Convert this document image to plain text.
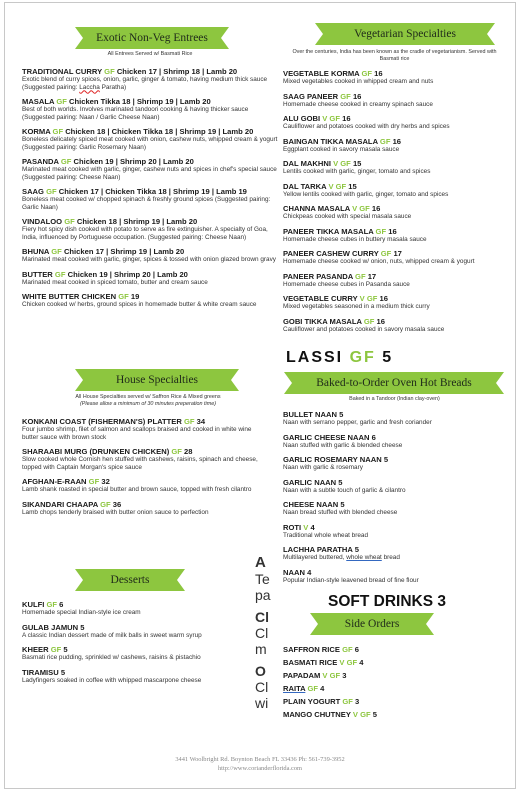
Exotic Non-Veg Entrees
All Entrees Served w/ Basmati Rice
TRADITIONAL CURRY GF Chicken 17 | Shrimp 18 | Lamb 20
Exotic blend of curry spices, onion, garlic, ginger & tomato, having medium thick sauce (Suggested pairing: Laccha Paratha)
MASALA GF Chicken Tikka 18 | Shrimp 19 | Lamb 20
Best of both worlds. Involves marinated tandoori cooking & having thicker sauce (Suggested pairing: Naan / Garlic Cheese Naan)
KORMA GF Chicken 18 | Chicken Tikka 18 | Shrimp 19 | Lamb 20
Boneless delicately spiced meat cooked with onion, cashew nuts, whipped cream & yogurt (Suggested pairing: Garlic Rosemary Naan)
PASANDA GF Chicken 19 | Shrimp 20 | Lamb 20
Marinated meat cooked with garlic, ginger, cashew nuts and spices in chef's special sauce (Suggested pairing: Cheese Naan)
SAAG GF Chicken 17 | Chicken Tikka 18 | Shrimp 19 | Lamb 19
Boneless meat cooked w/ chopped spinach & freshly ground spices (Suggested pairing: Garlic Naan)
VINDALOO GF Chicken 18 | Shrimp 19 | Lamb 20
Fiery hot spicy dish cooked with potato to serve as fire extinguisher. A specialty of Goa, India, influenced by Portuguese occupation. (Suggested pairing: Cheese Naan)
BHUNA GF Chicken 17 | Shrimp 19 | Lamb 20
Marinated meat cooked with garlic, ginger, spices & tossed with onion glazed brown gravy
BUTTER GF Chicken 19 | Shrimp 20 | Lamb 20
Marinated meat cooked in spiced tomato, butter and cream sauce
WHITE BUTTER CHICKEN GF 19
Chicken cooked w/ herbs, ground spices in homemade butter & white cream sauce
Vegetarian Specialties
Over the centuries, India has been known as the cradle of vegetarianism. Served with Basmati rice
VEGETABLE KORMA GF 16
Mixed vegetables cooked in whipped cream and nuts
SAAG PANEER GF 16
Homemade cheese cooked in creamy spinach sauce
ALU GOBI V GF 16
Cauliflower and potatoes cooked with dry herbs and spices
BAINGAN TIKKA MASALA GF 16
Eggplant cooked in savory masala sauce
DAL MAKHNI V GF 15
Lentils cooked with garlic, ginger, tomato and spices
DAL TARKA V GF 15
Yellow lentils cooked with garlic, ginger, tomato and spices
CHANNA MASALA V GF 16
Chickpeas cooked with special masala sauce
PANEER TIKKA MASALA GF 16
Homemade cheese cubes in buttery masala sauce
PANEER CASHEW CURRY GF 17
Homemade cheese cooked w/ onion, nuts, whipped cream & yogurt
PANEER PASANDA GF 17
Homemade cheese cubes in Pasanda sauce
VEGETABLE CURRY V GF 16
Mixed vegetables seasoned in a medium thick curry
GOBI TIKKA MASALA GF 16
Cauliflower and potatoes cooked in savory masala sauce
LASSI GF 5
House Specialties
All House Specialties served w/ Saffron Rice & Mixed greens
(Please allow a minimum of 30 minutes preperation time)
KONKANI COAST (FISHERMAN'S) PLATTER GF 34
Four jumbo shrimp, filet of salmon and scallops braised and cooked in white wine butter sauce with brown stock
SHARAABI MURG (DRUNKEN CHICKEN) GF 28
Slow cooked whole Cornish hen stuffed with cashews, raisins, spinach and cheese, topped with Captain Morgan's spice sauce
AFGHAN-E-RAAN GF 32
Lamb shank roasted in special butter and brown sauce, topped with fresh cilantro
SIKANDARI CHAAPA GF 36
Lamb chops tenderly braised with butter onion sauce to perfection
Baked-to-Order Oven Hot Breads
Baked in a Tandoor (Indian clay-oven)
BULLET NAAN 5
Naan with serrano pepper, garlic and fresh coriander
GARLIC CHEESE NAAN 6
Naan stuffed with garlic & blended cheese
GARLIC ROSEMARY NAAN 5
Naan with garlic & rosemary
GARLIC NAAN 5
Naan with a subtle touch of garlic & cilantro
CHEESE NAAN 5
Naan bread stuffed with blended cheese
ROTI V 4
Traditional whole wheat bread
LACHHA PARATHA 5
Multilayered buttered, whole wheat bread
NAAN 4
Popular Indian-style leavened bread of fine flour
A
Te
pa
Cl
Cl
m
O
Cl
wi
SOFT DRINKS 3
Desserts
KULFI GF 6
Homemade special Indian-style ice cream
GULAB JAMUN 5
A classic Indian dessert made of milk balls in sweet warm syrup
KHEER GF 5
Basmati rice pudding, sprinkled w/ cashews, raisins & pistachio
TIRAMISU 5
Ladyfingers soaked in coffee with whipped mascarpone cheese
Side Orders
SAFFRON RICE GF 6
BASMATI RICE V GF 4
PAPADAM V GF 3
RAITA GF 4
PLAIN YOGURT GF 3
MANGO CHUTNEY V GF 5
3441 Woolbright Rd. Boynton Beach FL 33436 Ph: 561-739-3952
http://www.corianderflorida.com
